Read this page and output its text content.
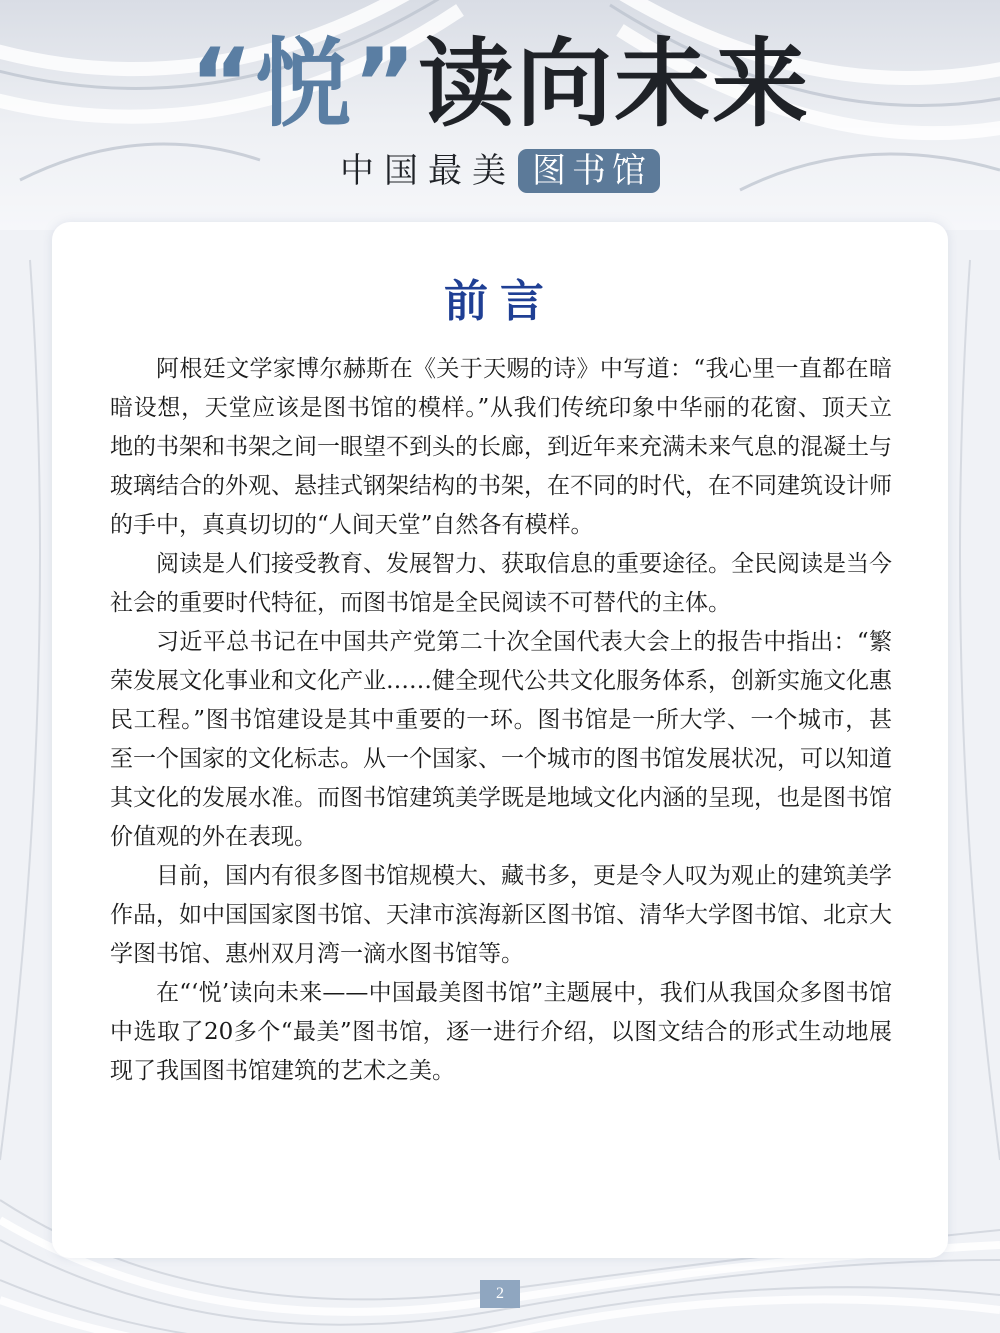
“悦”读向未来
中国最美 图书馆
前言

阿根廷文学家博尔赫斯在《关于天赐的诗》中写道：“我心里一直都在暗暗设想，天堂应该是图书馆的模样。”从我们传统印象中华丽的花窗、顶天立地的书架和书架之间一眼望不到头的长廊，到近年来充满未来气息的混凝土与玻璃结合的外观、悬挂式钢架结构的书架，在不同的时代，在不同建筑设计师的手中，真真切切的“人间天堂”自然各有模样。

阅读是人们接受教育、发展智力、获取信息的重要途径。全民阅读是当今社会的重要时代特征，而图书馆是全民阅读不可替代的主体。

习近平总书记在中国共产党第二十次全国代表大会上的报告中指出：“繁荣发展文化事业和文化产业……健全现代公共文化服务体系，创新实施文化惠民工程。”图书馆建设是其中重要的一环。图书馆是一所大学、一个城市，甚至一个国家的文化标志。从一个国家、一个城市的图书馆发展状况，可以知道其文化的发展水准。而图书馆建筑美学既是地域文化内涵的呈现，也是图书馆价值观的外在表现。

目前，国内有很多图书馆规模大、藏书多，更是令人叹为观止的建筑美学作品，如中国国家图书馆、天津市滨海新区图书馆、清华大学图书馆、北京大学图书馆、惠州双月湾一滴水图书馆等。

在“‘悦’读向未来——中国最美图书馆”主题展中，我们从我国众多图书馆中选取了20多个“最美”图书馆，逐一进行介绍，以图文结合的形式生动地展现了我国图书馆建筑的艺术之美。

2
